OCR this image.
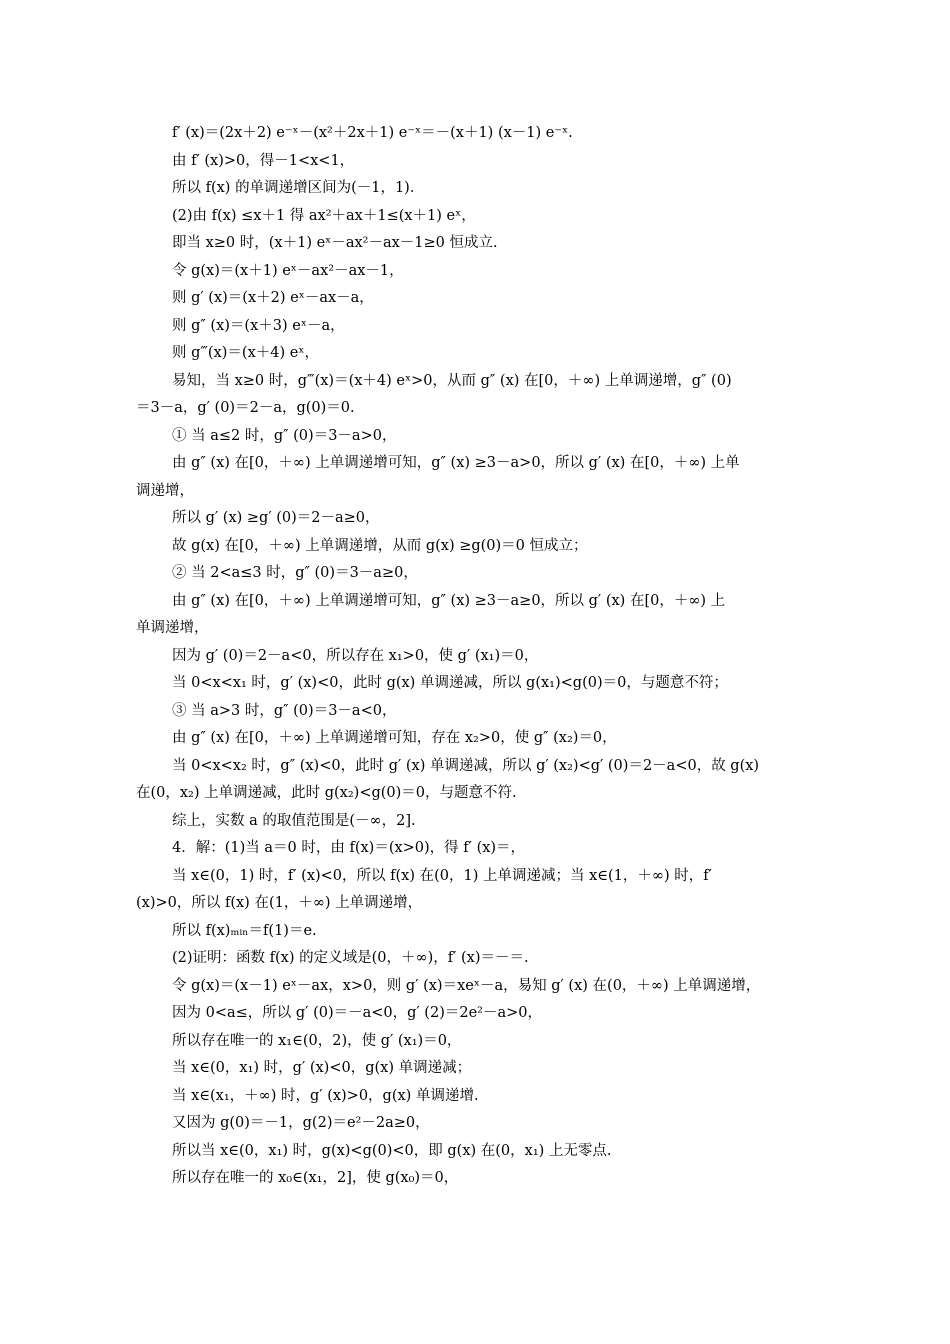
f′ (x)＝(2x＋2) e⁻ˣ－(x²＋2x＋1) e⁻ˣ＝－(x＋1) (x－1) e⁻ˣ.
由 f′ (x)>0，得－1<x<1，
所以 f(x) 的单调递增区间为(－1，1)．
(2)由 f(x) ≤x＋1 得 ax²＋ax＋1≤(x＋1) eˣ，
即当 x≥0 时，(x＋1) eˣ－ax²－ax－1≥0 恒成立.
令 g(x)＝(x＋1) eˣ－ax²－ax－1，
则 g′ (x)＝(x＋2) eˣ－ax－a，
则 g″ (x)＝(x＋3) eˣ－a，
则 g‴(x)＝(x＋4) eˣ，
易知，当 x≥0 时，g‴(x)＝(x＋4) eˣ>0，从而 g″ (x) 在[0，＋∞) 上单调递增，g″ (0)
＝3－a，g′ (0)＝2－a，g(0)＝0.
① 当 a≤2 时，g″ (0)＝3－a>0，
由 g″ (x) 在[0，＋∞) 上单调递增可知，g″ (x) ≥3－a>0，所以 g′ (x) 在[0，＋∞) 上单
调递增，
所以 g′ (x) ≥g′ (0)＝2－a≥0，
故 g(x) 在[0，＋∞) 上单调递增，从而 g(x) ≥g(0)＝0 恒成立；
② 当 2<a≤3 时，g″ (0)＝3－a≥0，
由 g″ (x) 在[0，＋∞) 上单调递增可知，g″ (x) ≥3－a≥0，所以 g′ (x) 在[0，＋∞) 上
单调递增，
因为 g′ (0)＝2－a<0，所以存在 x₁>0，使 g′ (x₁)＝0，
当 0<x<x₁ 时，g′ (x)<0，此时 g(x) 单调递减，所以 g(x₁)<g(0)＝0，与题意不符；
③ 当 a>3 时，g″ (0)＝3－a<0，
由 g″ (x) 在[0，＋∞) 上单调递增可知，存在 x₂>0，使 g″ (x₂)＝0，
当 0<x<x₂ 时，g″ (x)<0，此时 g′ (x) 单调递减，所以 g′ (x₂)<g′ (0)＝2－a<0，故 g(x)
在(0，x₂) 上单调递减，此时 g(x₂)<g(0)＝0，与题意不符.
综上，实数 a 的取值范围是(－∞，2].
4．解：(1)当 a＝0 时，由 f(x)＝(x>0)，得 f′ (x)＝，
当 x∈(0，1) 时，f′ (x)<0，所以 f(x) 在(0，1) 上单调递减；当 x∈(1，＋∞) 时，f′
(x)>0，所以 f(x) 在(1，＋∞) 上单调递增，
所以 f(x)ₘᵢₙ＝f(1)＝e.
(2)证明：函数 f(x) 的定义域是(0，＋∞)，f′ (x)＝－＝.
令 g(x)＝(x－1) eˣ－ax，x>0，则 g′ (x)＝xeˣ－a，易知 g′ (x) 在(0，＋∞) 上单调递增，
因为 0<a≤，所以 g′ (0)＝－a<0，g′ (2)＝2e²－a>0，
所以存在唯一的 x₁∈(0，2)，使 g′ (x₁)＝0，
当 x∈(0，x₁) 时，g′ (x)<0，g(x) 单调递减；
当 x∈(x₁，＋∞) 时，g′ (x)>0，g(x) 单调递增.
又因为 g(0)＝－1，g(2)＝e²－2a≥0，
所以当 x∈(0，x₁) 时，g(x)<g(0)<0，即 g(x) 在(0，x₁) 上无零点.
所以存在唯一的 x₀∈(x₁，2]，使 g(x₀)＝0，
